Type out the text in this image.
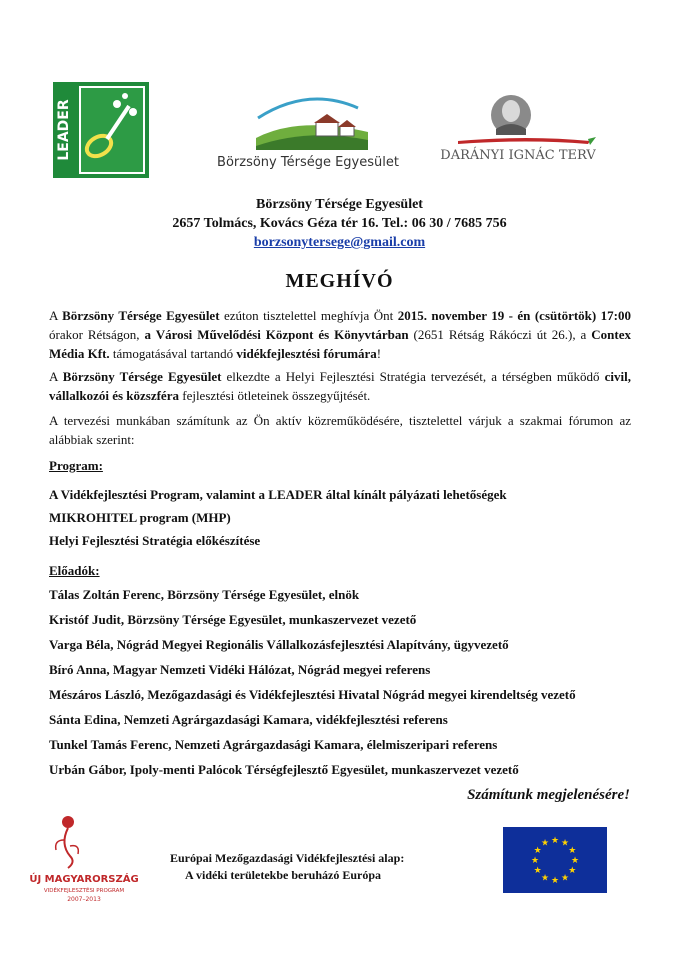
LEADER
Börzsöny Térsége Egyesület	DARÁNYI IGNÁC TERV
Börzsöny Térsége Egyesület
2657 Tolmács, Kovács Géza tér 16. Tel.: 06 30 / 7685 756
borzsonytersege@gmail.com
MEGHÍVÓ
A Börzsöny Térsége Egyesület ezúton tisztelettel meghívja Önt 2015. november 19 - én (csütörtök) 17:00 órakor Rétságon, a Városi Művelődési Központ és Könyvtárban (2651 Rétság Rákóczi út 26.), a Contex Média Kft. támogatásával tartandó vidékfejlesztési fórumára!
A Börzsöny Térsége Egyesület elkezdte a Helyi Fejlesztési Stratégia tervezését, a térségben működő civil, vállalkozói és közszféra fejlesztési ötleteinek összegyűjtését.
A tervezési munkában számítunk az Ön aktív közreműködésére, tisztelettel várjuk a szakmai fórumon az alábbiak szerint:
Program:
A Vidékfejlesztési Program, valamint a LEADER által kínált pályázati lehetőségek
MIKROHITEL program (MHP)
Helyi Fejlesztési Stratégia előkészítése
Előadók:
Tálas Zoltán Ferenc, Börzsöny Térsége Egyesület, elnök
Kristóf Judit, Börzsöny Térsége Egyesület, munkaszervezet vezető
Varga Béla, Nógrád Megyei Regionális Vállalkozásfejlesztési Alapítvány, ügyvezető
Bíró Anna, Magyar Nemzeti Vidéki Hálózat, Nógrád megyei referens
Mészáros László, Mezőgazdasági és Vidékfejlesztési Hivatal Nógrád megyei kirendeltség vezető
Sánta Edina, Nemzeti Agrárgazdasági Kamara, vidékfejlesztési referens
Tunkel Tamás Ferenc, Nemzeti Agrárgazdasági Kamara, élelmiszeripari referens
Urbán Gábor, Ipoly-menti Palócok Térségfejlesztő Egyesület, munkaszervezet vezető
Számítunk megjelenésére!
ÚJ MAGYARORSZÁG
VIDÉKFEJLESZTÉSI PROGRAM
2007–2013
Európai Mezőgazdasági Vidékfejlesztési alap:
A vidéki területekbe beruházó Európa
★
★
★
★
★
★
★
★
★ ★ ★
★
